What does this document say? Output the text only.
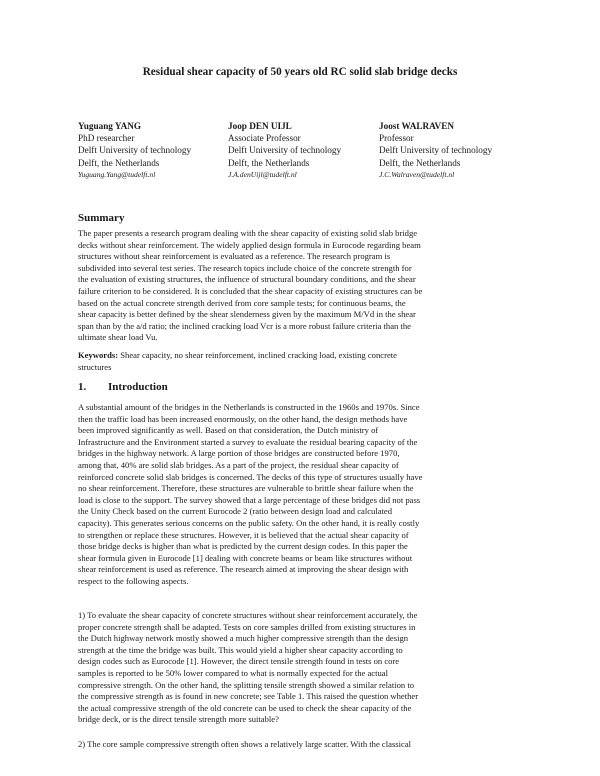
Residual shear capacity of 50 years old RC solid slab bridge decks
Yuguang YANG
PhD researcher
Delft University of technology
Delft, the Netherlands
Yuguang.Yang@tudelft.nl
Joop DEN UIJL
Associate Professor
Delft University of technology
Delft, the Netherlands
J.A.denUijl@tudelft.nl
Joost WALRAVEN
Professor
Delft University of technology
Delft, the Netherlands
J.C.Walraven@tudelft.nl
Summary
The paper presents a research program dealing with the shear capacity of existing solid slab bridge
decks without shear reinforcement. The widely applied design formula in Eurocode regarding beam
structures without shear reinforcement is evaluated as a reference. The research program is
subdivided into several test series. The research topics include choice of the concrete strength for
the evaluation of existing structures, the influence of structural boundary conditions, and the shear
failure criterion to be considered. It is concluded that the shear capacity of existing structures can be
based on the actual concrete strength derived from core sample tests; for continuous beams, the
shear capacity is better defined by the shear slenderness given by the maximum M/Vd in the shear
span than by the a/d ratio; the inclined cracking load Vcr is a more robust failure criteria than the
ultimate shear load Vu.
Keywords: Shear capacity, no shear reinforcement, inclined cracking load, existing concrete
structures
1. Introduction
A substantial amount of the bridges in the Netherlands is constructed in the 1960s and 1970s. Since
then the traffic load has been increased enormously, on the other hand, the design methods have
been improved significantly as well. Based on that consideration, the Dutch ministry of
Infrastructure and the Environment started a survey to evaluate the residual bearing capacity of the
bridges in the highway network. A large portion of those bridges are constructed before 1970,
among that, 40% are solid slab bridges. As a part of the project, the residual shear capacity of
reinforced concrete solid slab bridges is concerned. The decks of this type of structures usually have
no shear reinforcement. Therefore, these structures are vulnerable to brittle shear failure when the
load is close to the support. The survey showed that a large percentage of these bridges did not pass
the Unity Check based on the current Eurocode 2 (ratio between design load and calculated
capacity). This generates serious concerns on the public safety. On the other hand, it is really costly
to strengthen or replace these structures. However, it is believed that the actual shear capacity of
those bridge decks is higher than what is predicted by the current design codes. In this paper the
shear formula given in Eurocode [1] dealing with concrete beams or beam like structures without
shear reinforcement is used as reference. The research aimed at improving the shear design with
respect to the following aspects.
1) To evaluate the shear capacity of concrete structures without shear reinforcement accurately, the
proper concrete strength shall be adapted. Tests on core samples drilled from existing structures in
the Dutch highway network mostly showed a much higher compressive strength than the design
strength at the time the bridge was built. This would yield a higher shear capacity according to
design codes such as Eurocode [1]. However, the direct tensile strength found in tests on core
samples is reported to be 50% lower compared to what is normally expected for the actual
compressive strength. On the other hand, the splitting tensile strength showed a similar relation to
the compressive strength as is found in new concrete; see Table 1. This raised the question whether
the actual compressive strength of the old concrete can be used to check the shear capacity of the
bridge deck, or is the direct tensile strength more suitable?
2) The core sample compressive strength often shows a relatively large scatter. With the classical
